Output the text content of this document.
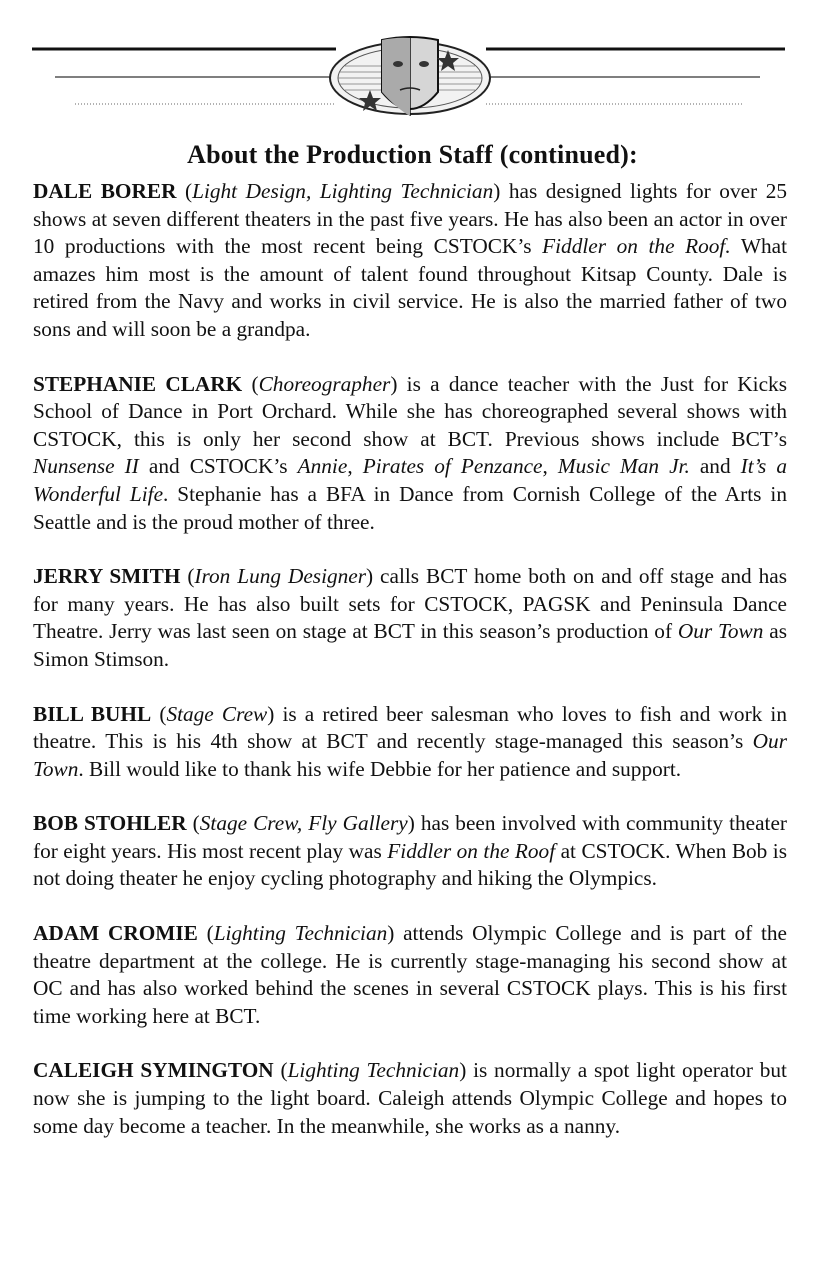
About the Production Staff (continued):

DALE BORER (Light Design, Lighting Technician) has designed lights for over 25 shows at seven different theaters in the past five years. He has also been an actor in over 10 productions with the most recent being CSTOCK’s Fiddler on the Roof. What amazes him most is the amount of talent found throughout Kitsap County. Dale is retired from the Navy and works in civil service. He is also the married father of two sons and will soon be a grandpa.

STEPHANIE CLARK (Choreographer) is a dance teacher with the Just for Kicks School of Dance in Port Orchard. While she has choreographed several shows with CSTOCK, this is only her second show at BCT. Previous shows include BCT’s Nunsense II and CSTOCK’s Annie, Pirates of Penzance, Music Man Jr. and It’s a Wonderful Life. Stephanie has a BFA in Dance from Cornish College of the Arts in Seattle and is the proud mother of three.

JERRY SMITH (Iron Lung Designer) calls BCT home both on and off stage and has for many years. He has also built sets for CSTOCK, PAGSK and Peninsula Dance Theatre. Jerry was last seen on stage at BCT in this season’s production of Our Town as Simon Stimson.

BILL BUHL (Stage Crew) is a retired beer salesman who loves to fish and work in theatre. This is his 4th show at BCT and recently stage-managed this season’s Our Town. Bill would like to thank his wife Debbie for her patience and support.

BOB STOHLER (Stage Crew, Fly Gallery) has been involved with community theater for eight years. His most recent play was Fiddler on the Roof at CSTOCK. When Bob is not doing theater he enjoy cycling photography and hiking the Olympics.

ADAM CROMIE (Lighting Technician) attends Olympic College and is part of the theatre department at the college. He is currently stage-managing his second show at OC and has also worked behind the scenes in several CSTOCK plays. This is his first time working here at BCT.

CALEIGH SYMINGTON (Lighting Technician) is normally a spot light operator but now she is jumping to the light board. Caleigh attends Olympic College and hopes to some day become a teacher. In the meanwhile, she works as a nanny.
